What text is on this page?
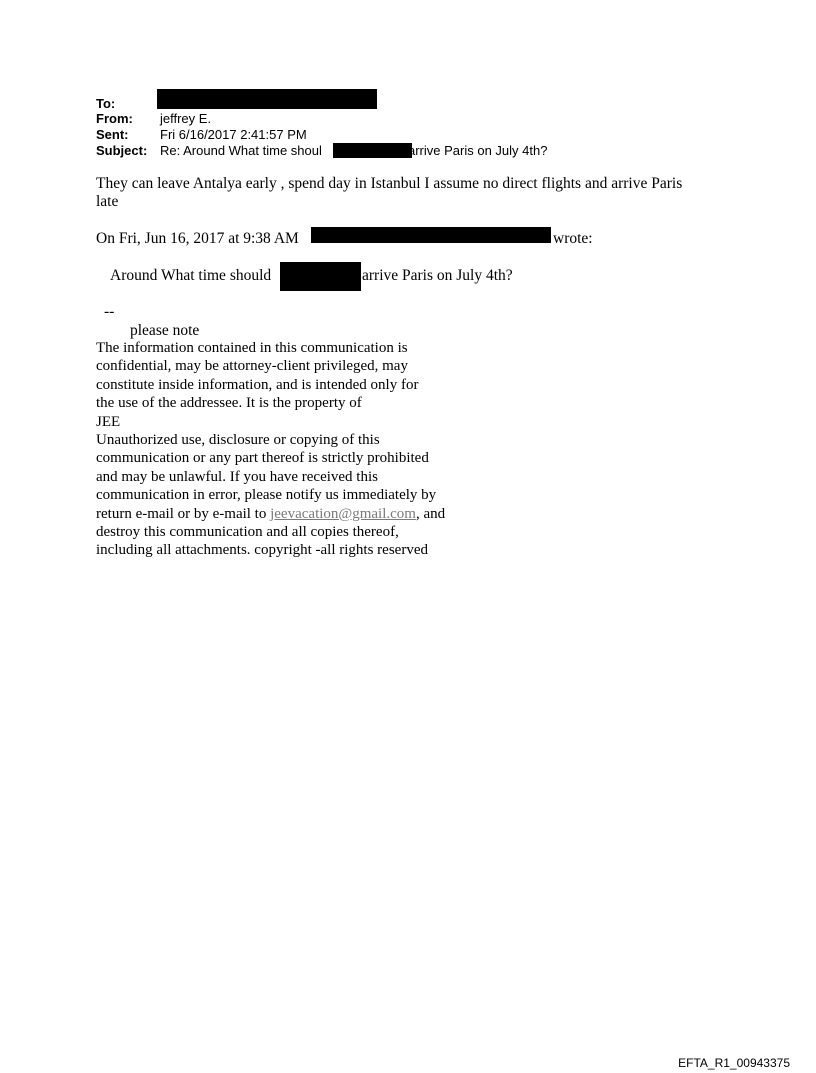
To:
From: jeffrey E.
Sent: Fri 6/16/2017 2:41:57 PM
Subject: Re: Around What time shoul	arrive Paris on July 4th?
They can leave Antalya early , spend day in Istanbul I assume no direct flights and arrive Paris
late
On Fri, Jun 16, 2017 at 9:38 AM	wrote:
Around What time should	arrive Paris on July 4th?
--
please note
The information contained in this communication is
confidential, may be attorney-client privileged, may
constitute inside information, and is intended only for
the use of the addressee. It is the property of
JEE
Unauthorized use, disclosure or copying of this
communication or any part thereof is strictly prohibited
and may be unlawful. If you have received this
communication in error, please notify us immediately by
return e-mail or by e-mail to jeevacation@gmail.com, and
destroy this communication and all copies thereof,
including all attachments. copyright -all rights reserved
EFTA_R1_00943375
